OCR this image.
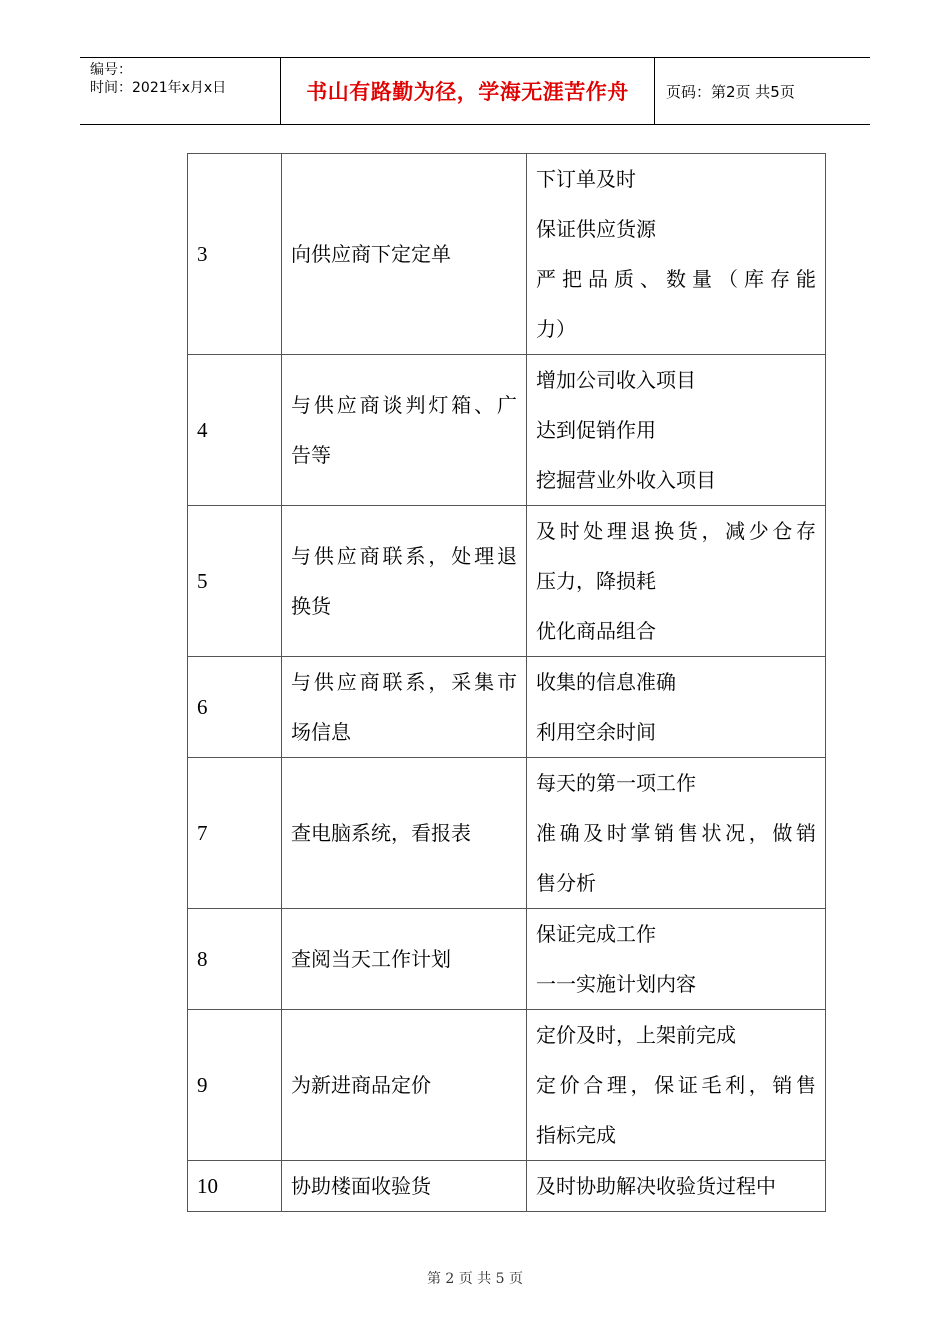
编号：
时间：2021年x月x日	书山有路勤为径，学海无涯苦作舟	页码：第2页 共5页
3	向供应商下定定单	下订单及时
保证供应货源
严把品质、数量（库存能
力）

4	与供应商谈判灯箱、广
告等	增加公司收入项目
达到促销作用
挖掘营业外收入项目

5	与供应商联系，处理退
换货	及时处理退换货，减少仓存
压力，降损耗
优化商品组合

6	与供应商联系，采集市
场信息	收集的信息准确
利用空余时间

7	查电脑系统，看报表	每天的第一项工作
准确及时掌销售状况，做销
售分析

8	查阅当天工作计划	保证完成工作
一一实施计划内容

9	为新进商品定价	定价及时，上架前完成
定价合理，保证毛利，销售
指标完成

10	协助楼面收验货	及时协助解决收验货过程中
第 2 页 共 5 页
